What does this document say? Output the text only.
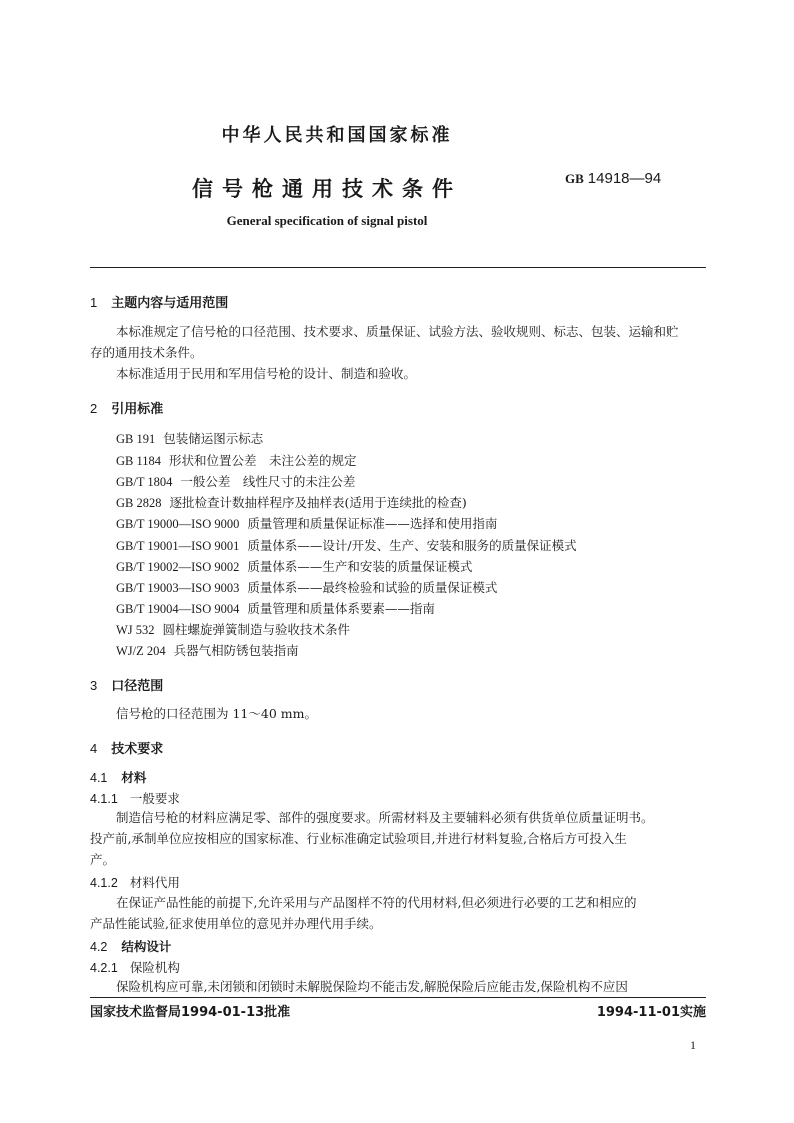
中华人民共和国国家标准
信号枪通用技术条件	GB 14918—94
General specification of signal pistol
1 主题内容与适用范围
本标准规定了信号枪的口径范围、技术要求、质量保证、试验方法、验收规则、标志、包装、运输和贮
存的通用技术条件。
本标准适用于民用和军用信号枪的设计、制造和验收。
2 引用标准
GB 191 包装储运图示标志
GB 1184 形状和位置公差　未注公差的规定
GB/T 1804 一般公差　线性尺寸的未注公差
GB 2828 逐批检查计数抽样程序及抽样表(适用于连续批的检查)
GB/T 19000—ISO 9000 质量管理和质量保证标准——选择和使用指南
GB/T 19001—ISO 9001 质量体系——设计/开发、生产、安装和服务的质量保证模式
GB/T 19002—ISO 9002 质量体系——生产和安装的质量保证模式
GB/T 19003—ISO 9003 质量体系——最终检验和试验的质量保证模式
GB/T 19004—ISO 9004 质量管理和质量体系要素——指南
WJ 532 圆柱螺旋弹簧制造与验收技术条件
WJ/Z 204 兵器气相防锈包装指南
3 口径范围
信号枪的口径范围为 11～40 mm。
4 技术要求
4.1 材料
4.1.1 一般要求
制造信号枪的材料应满足零、部件的强度要求。所需材料及主要辅料必须有供货单位质量证明书。
投产前,承制单位应按相应的国家标准、行业标准确定试验项目,并进行材料复验,合格后方可投入生
产。
4.1.2 材料代用
在保证产品性能的前提下,允许采用与产品图样不符的代用材料,但必须进行必要的工艺和相应的
产品性能试验,征求使用单位的意见并办理代用手续。
4.2 结构设计
4.2.1 保险机构
保险机构应可靠,未闭锁和闭锁时未解脱保险均不能击发,解脱保险后应能击发,保险机构不应因
国家技术监督局1994-01-13批准	1994-11-01实施
1
